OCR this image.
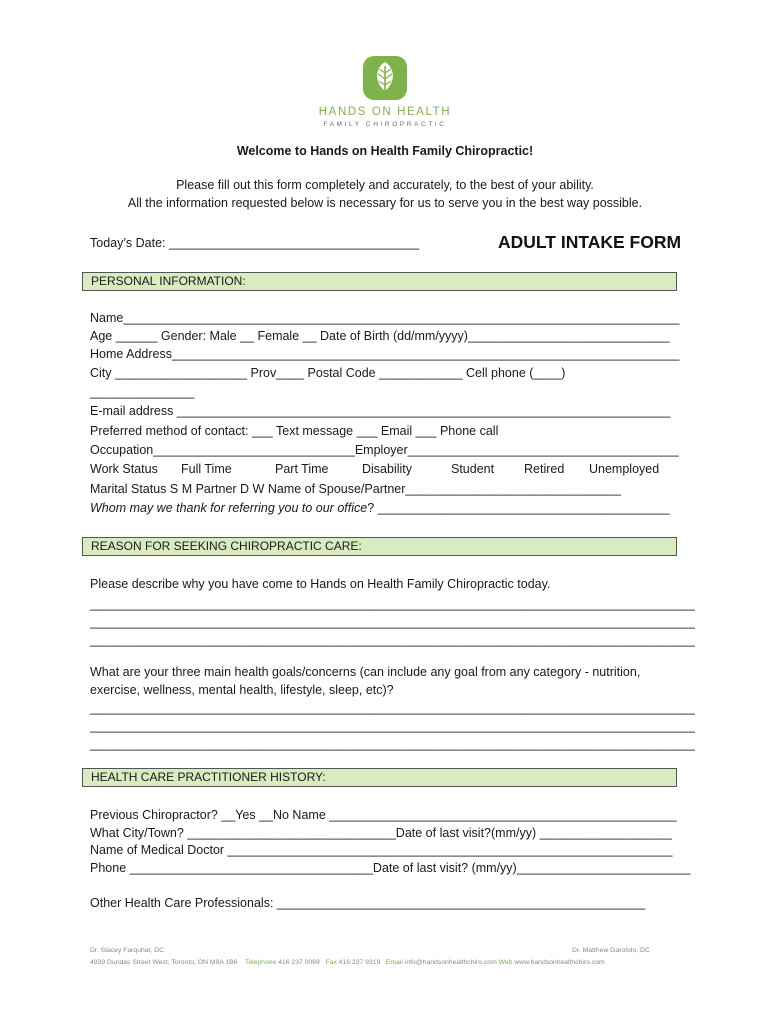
HANDS ON HEALTH
FAMILY CHIROPRACTIC
Welcome to Hands on Health Family Chiropractic!
Please fill out this form completely and accurately, to the best of your ability.
All the information requested below is necessary for us to serve you in the best way possible.
Today’s Date: ____________________________________	ADULT INTAKE FORM
PERSONAL INFORMATION:
Name________________________________________________________________________________
Age ______ Gender: Male __ Female __ Date of Birth (dd/mm/yyyy)_____________________________
Home Address_________________________________________________________________________
City ___________________ Prov____ Postal Code ____________ Cell phone (____)
_______________
E-mail address _______________________________________________________________________
Preferred method of contact: ___ Text message ___ Email ___ Phone call
Occupation_____________________________Employer_______________________________________
Work Status Full Time	Part Time	Disability	Student Retired Unemployed
Marital Status S M Partner D W Name of Spouse/Partner_______________________________
Whom may we thank for referring you to our office? __________________________________________
REASON FOR SEEKING CHIROPRACTIC CARE:
Please describe why you have come to Hands on Health Family Chiropractic today.
_______________________________________________________________________________________
_______________________________________________________________________________________
_______________________________________________________________________________________
What are your three main health goals/concerns (can include any goal from any category - nutrition,
exercise, wellness, mental health, lifestyle, sleep, etc)?
_______________________________________________________________________________________
_______________________________________________________________________________________
_______________________________________________________________________________________
HEALTH CARE PRACTITIONER HISTORY:
Previous Chiropractor? __Yes __No Name __________________________________________________
What City/Town? ______________________________Date of last visit?(mm/yy) ___________________
Name of Medical Doctor ________________________________________________________________
Phone ___________________________________Date of last visit? (mm/yy)_________________________
Other Health Care Professionals: _____________________________________________________
Dr. Stacey Farquhar, DC	Dr. Matthew Garofolo, DC
4939 Dundas Street West, Toronto, ON M9A 1B6 Telephone 416 237 0069 Fax 416 237 9319 Email info@handsonhealthchiro.com Web www.handsonhealthchiro.com
